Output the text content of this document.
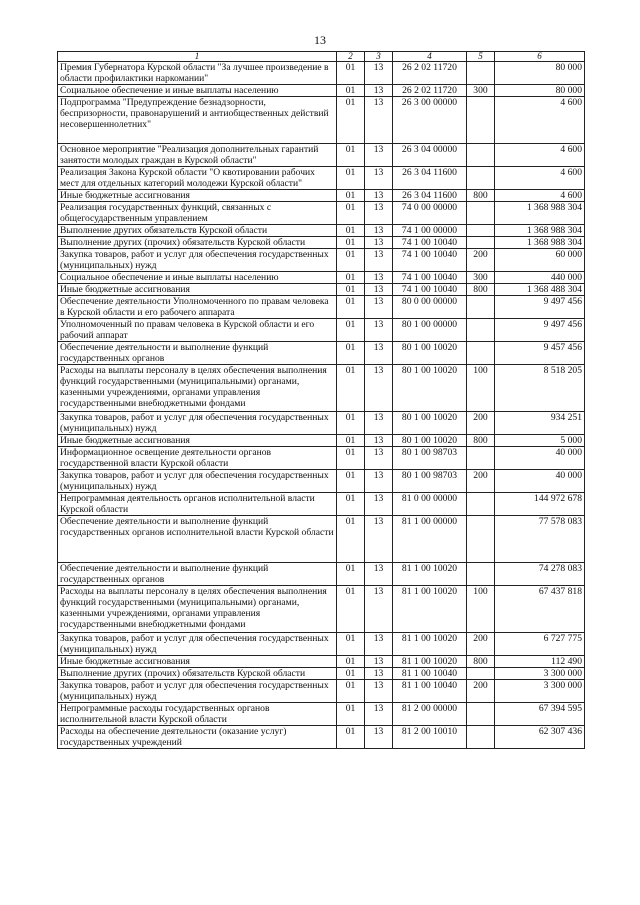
13
1	2	3	4	5	6
Премия Губернатора Курской области "За лучшее произведение в области профилактики наркомании"	01	13	26 2 02 11720		80 000
Социальное обеспечение и иные выплаты населению	01	13	26 2 02 11720	300	80 000
Подпрограмма "Предупреждение безнадзорности, беспризорности, правонарушений и антиобщественных действий несовершеннолетних"	01	13	26 3 00 00000		4 600
Основное мероприятие "Реализация дополнительных гарантий занятости молодых граждан в Курской области"	01	13	26 3 04 00000		4 600
Реализация Закона Курской области "О квотировании рабочих мест для отдельных категорий молодежи Курской области"	01	13	26 3 04 11600		4 600
Иные бюджетные ассигнования	01	13	26 3 04 11600	800	4 600
Реализация государственных функций, связанных с общегосударственным управлением	01	13	74 0 00 00000		1 368 988 304
Выполнение других обязательств Курской области	01	13	74 1 00 00000		1 368 988 304
Выполнение других (прочих) обязательств Курской области	01	13	74 1 00 10040		1 368 988 304
Закупка товаров, работ и услуг для обеспечения государственных (муниципальных) нужд	01	13	74 1 00 10040	200	60 000
Социальное обеспечение и иные выплаты населению	01	13	74 1 00 10040	300	440 000
Иные бюджетные ассигнования	01	13	74 1 00 10040	800	1 368 488 304
Обеспечение деятельности Уполномоченного по правам человека в Курской области и его рабочего аппарата	01	13	80 0 00 00000		9 497 456
Уполномоченный по правам человека в Курской области и его рабочий аппарат	01	13	80 1 00 00000		9 497 456
Обеспечение деятельности и выполнение функций государственных органов	01	13	80 1 00 10020		9 457 456
Расходы на выплаты персоналу в целях обеспечения выполнения функций государственными (муниципальными) органами, казенными учреждениями, органами управления государственными внебюджетными фондами	01	13	80 1 00 10020	100	8 518 205
Закупка товаров, работ и услуг для обеспечения государственных (муниципальных) нужд	01	13	80 1 00 10020	200	934 251
Иные бюджетные ассигнования	01	13	80 1 00 10020	800	5 000
Информационное освещение деятельности органов государственной власти Курской области	01	13	80 1 00 98703		40 000
Закупка товаров, работ и услуг для обеспечения государственных (муниципальных) нужд	01	13	80 1 00 98703	200	40 000
Непрограммная деятельность органов исполнительной власти Курской области	01	13	81 0 00 00000		144 972 678
Обеспечение деятельности и выполнение функций государственных органов исполнительной власти Курской области	01	13	81 1 00 00000		77 578 083
Обеспечение деятельности и выполнение функций государственных органов	01	13	81 1 00 10020		74 278 083
Расходы на выплаты персоналу в целях обеспечения выполнения функций государственными (муниципальными) органами, казенными учреждениями, органами управления государственными внебюджетными фондами	01	13	81 1 00 10020	100	67 437 818
Закупка товаров, работ и услуг для обеспечения государственных (муниципальных) нужд	01	13	81 1 00 10020	200	6 727 775
Иные бюджетные ассигнования	01	13	81 1 00 10020	800	112 490
Выполнение других (прочих) обязательств Курской области	01	13	81 1 00 10040		3 300 000
Закупка товаров, работ и услуг для обеспечения государственных (муниципальных) нужд	01	13	81 1 00 10040	200	3 300 000
Непрограммные расходы государственных органов исполнительной власти Курской области	01	13	81 2 00 00000		67 394 595
Расходы на обеспечение деятельности (оказание услуг) государственных учреждений	01	13	81 2 00 10010		62 307 436
